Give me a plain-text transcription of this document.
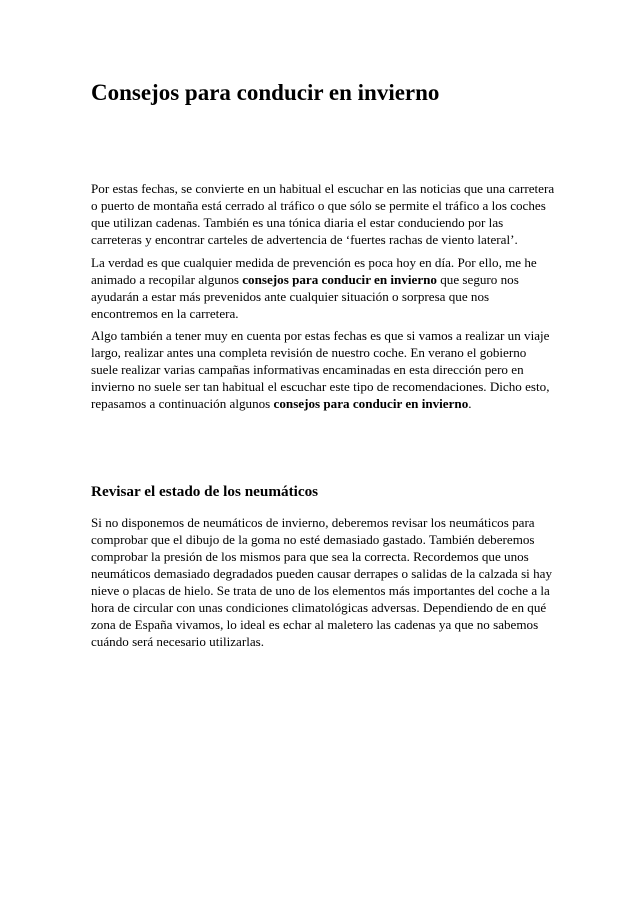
Consejos para conducir en invierno

Por estas fechas, se convierte en un habitual el escuchar en las noticias que una carretera
o puerto de montaña está cerrado al tráfico o que sólo se permite el tráfico a los coches
que utilizan cadenas. También es una tónica diaria el estar conduciendo por las
carreteras y encontrar carteles de advertencia de ‘fuertes rachas de viento lateral’.

La verdad es que cualquier medida de prevención es poca hoy en día. Por ello, me he
animado a recopilar algunos consejos para conducir en invierno que seguro nos
ayudarán a estar más prevenidos ante cualquier situación o sorpresa que nos
encontremos en la carretera.

Algo también a tener muy en cuenta por estas fechas es que si vamos a realizar un viaje
largo, realizar antes una completa revisión de nuestro coche. En verano el gobierno
suele realizar varias campañas informativas encaminadas en esta dirección pero en
invierno no suele ser tan habitual el escuchar este tipo de recomendaciones. Dicho esto,
repasamos a continuación algunos consejos para conducir en invierno.

Revisar el estado de los neumáticos

Si no disponemos de neumáticos de invierno, deberemos revisar los neumáticos para
comprobar que el dibujo de la goma no esté demasiado gastado. También deberemos
comprobar la presión de los mismos para que sea la correcta. Recordemos que unos
neumáticos demasiado degradados pueden causar derrapes o salidas de la calzada si hay
nieve o placas de hielo. Se trata de uno de los elementos más importantes del coche a la
hora de circular con unas condiciones climatológicas adversas. Dependiendo de en qué
zona de España vivamos, lo ideal es echar al maletero las cadenas ya que no sabemos
cuándo será necesario utilizarlas.
